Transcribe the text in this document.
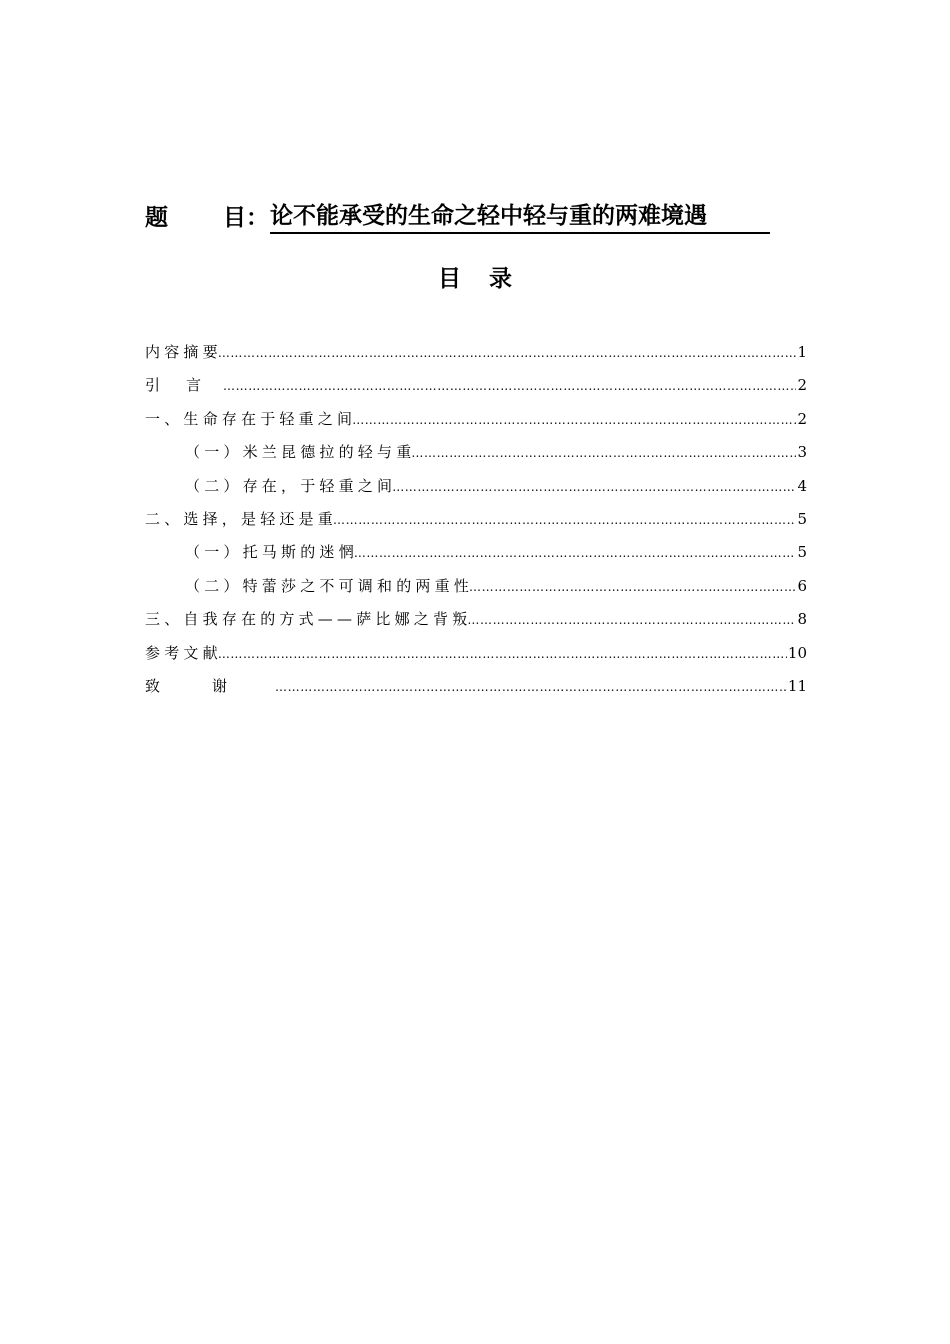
题 目 ： 论不能承受的生命之轻中轻与重的两难境遇
目录
内容摘要 …………………………………………………………………………………………………………………………………………………………………………………………	1
引言 …………………………………………………………………………………………………………………………………………………………………………………………	2
一、生命存在于轻重之间 …………………………………………………………………………………………………………………………………………………………………………………………	2
（一）米兰昆德拉的轻与重 …………………………………………………………………………………………………………………………………………………………………………………………	3
（二）存在，于轻重之间 …………………………………………………………………………………………………………………………………………………………………………………………	4
二、选择，是轻还是重 …………………………………………………………………………………………………………………………………………………………………………………………	5
（一）托马斯的迷惘 …………………………………………………………………………………………………………………………………………………………………………………………	5
（二）特蕾莎之不可调和的两重性 …………………………………………………………………………………………………………………………………………………………………………………………	6
三、自我存在的方式——萨比娜之背叛 …………………………………………………………………………………………………………………………………………………………………………………………	8
参考文献 …………………………………………………………………………………………………………………………………………………………………………………………	10
致谢 …………………………………………………………………………………………………………………………………………………………………………………………	11
